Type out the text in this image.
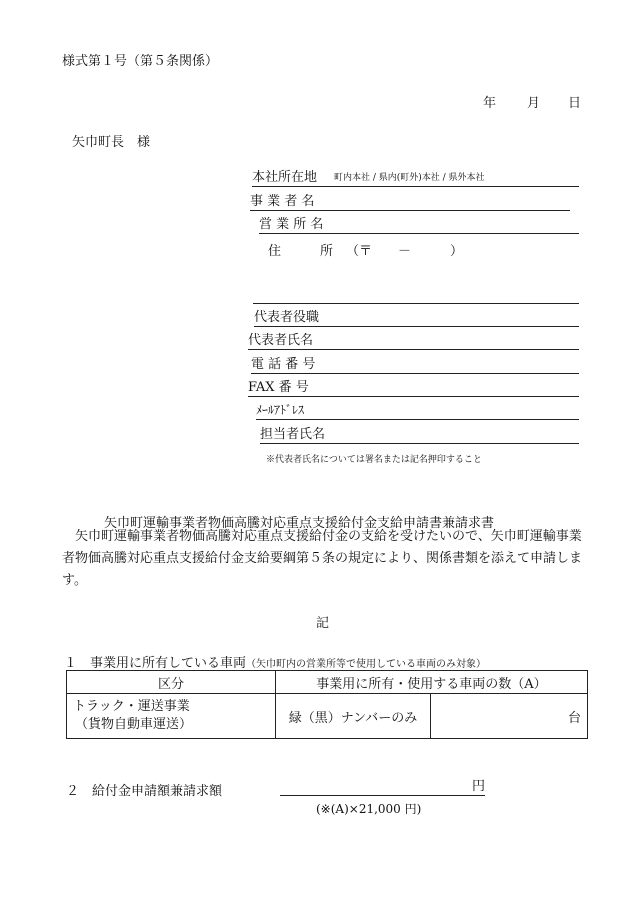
様式第１号（第５条関係）
年 月 日
矢巾町長　様
本社所在地 町内本社 / 県内(町外)本社 / 県外本社
事 業 者 名
営 業 所 名
住　　　所 （〒　　－　　　）
代表者役職
代表者氏名
電 話 番 号
FAX 番 号
ﾒｰﾙｱﾄﾞﾚｽ
担当者氏名
※代表者氏名については署名または記名押印すること
矢巾町運輸事業者物価高騰対応重点支援給付金支給申請書兼請求書
　矢巾町運輸事業者物価高騰対応重点支援給付金の支給を受けたいので、矢巾町運輸事業者物価高騰対応重点支援給付金支給要綱第５条の規定により、関係書類を添えて申請します。
記
１　事業用に所有している車両（矢巾町内の営業所等で使用している車両のみ対象）
区分	事業用に所有・使用する車両の数（A）	

トラック・運送事業
（貨物自動車運送）	緑（黒）ナンバーのみ	台
２　給付金申請額兼請求額	円
(※(A)×21,000 円)
